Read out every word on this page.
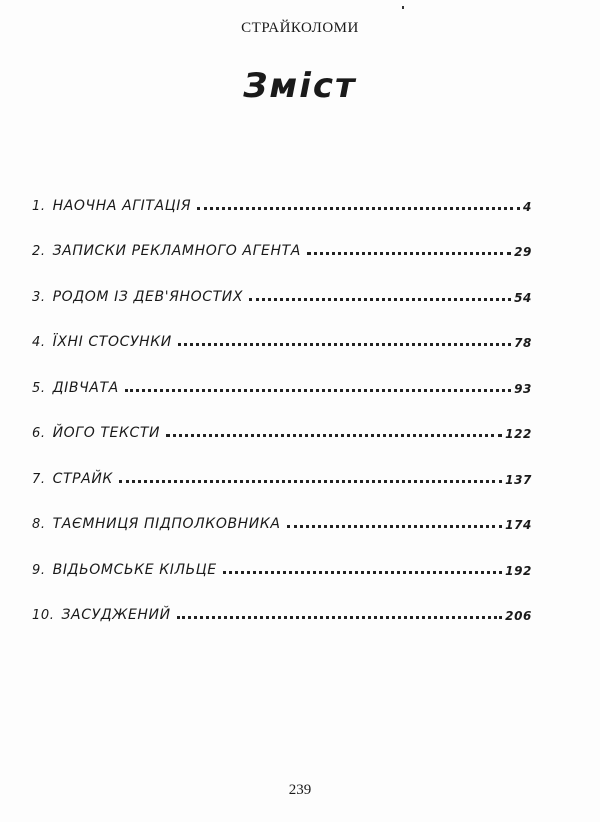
СТРАЙКОЛОМИ
Зміст
1. НАОЧНА АГІТАЦІЯ	4
2. ЗАПИСКИ РЕКЛАМНОГО АГЕНТА	29
3. РОДОМ ІЗ ДЕВ'ЯНОСТИХ	54
4. ЇХНІ СТОСУНКИ	78
5. ДІВЧАТА	93
6. ЙОГО ТЕКСТИ	122
7. СТРАЙК	137
8. ТАЄМНИЦЯ ПІДПОЛКОВНИКА	174
9. ВІДЬОМСЬКЕ КІЛЬЦЕ	192
10. ЗАСУДЖЕНИЙ	206
239
